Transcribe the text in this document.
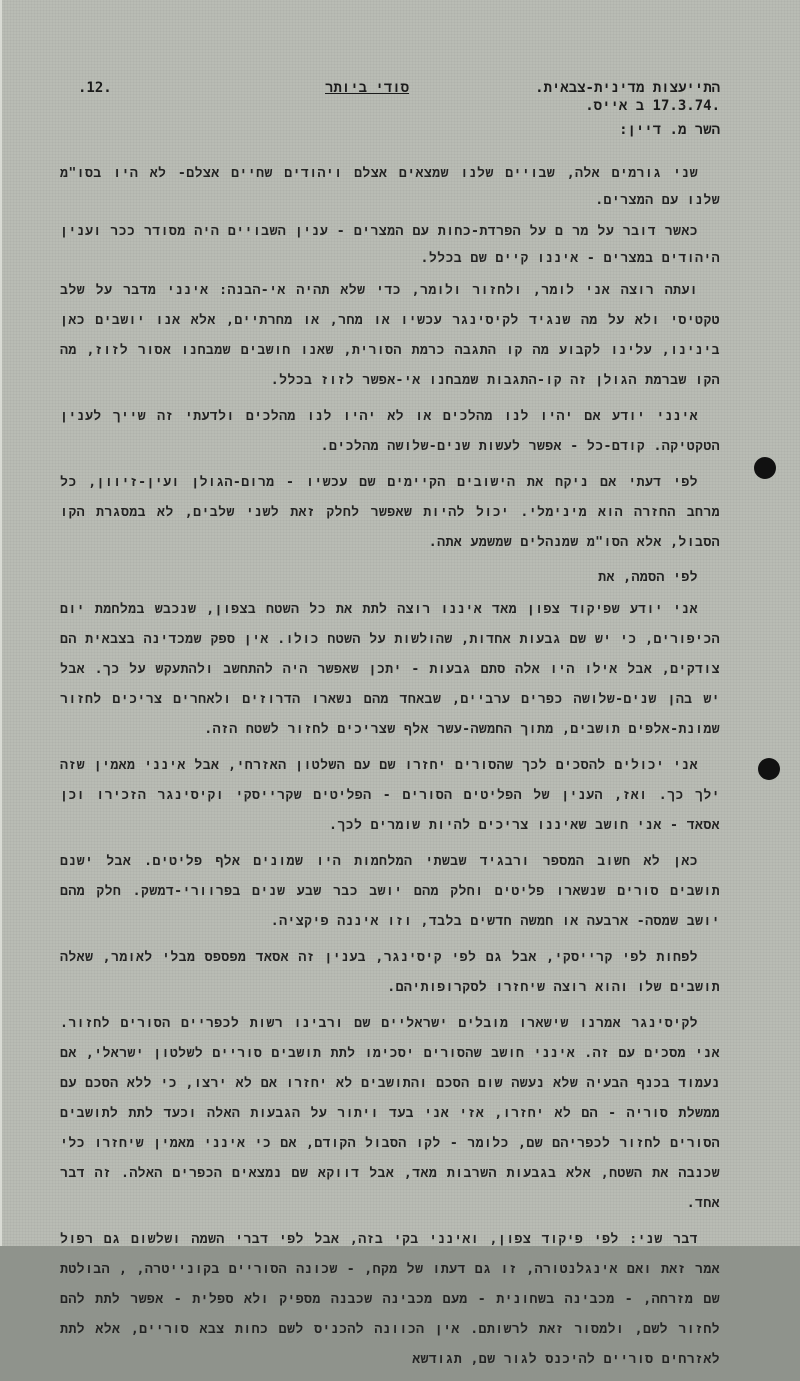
.12.	סודי ביותר	התייעצות מדינית-צבאית.
.17.3.74 ב אייס.
השר מ. דיין:

שני גורמים אלה, שבויים שלנו שמצאים אצלם ויהודים שחיים אצלם- לא היו בסו"מ שלנו עם המצרים.

כאשר דובר על מר ם על הפרדת-כחות עם המצרים - ענין השבויים היה מסודר ככר וענין היהודים במצרים - איננו קיים שם בכלל.

ועתה רוצה אני לומר, ולחזור ולומר, כדי שלא תהיה אי-הבנה: אינני מדבר על שלב טקטיסי ולא על מה שנגיד לקיסינגר עכשיו או מחר, או מחרתיים, אלא אנו יושבים כאן בינינו, עלינו לקבוע מה קו התגבה כרמת הסורית, שאנו חושבים שמבחנו אסור לזוז, מה הקו שברמת הגולן זה קו-התגבות שמבחנו אי-אפשר לזוז בכלל.

אינני יודע אם יהיו לנו מהלכים או לא יהיו לנו מהלכים ולדעתי זה שייך לענין הטקטיקה. קודם-כל - אפשר לעשות שנים-שלושה מהלכים.

לפי דעתי אם ניקח את הישובים הקיימים שם עכשיו - מרום-הגולן ועין-זיוון, כל מרחב החזרה הוא מינימלי. יכול להיות שאפשר לחלק זאת לשני שלבים, לא במסגרת הקו הסבול, אלא הסו"מ שמנהלים שמשמע אתה.

לפי הסמה, את

אני יודע שפיקוד צפון מאד איננו רוצה לתת את כל השטח בצפון, שנכבש במלחמת יום הכיפורים, כי יש שם גבעות אחדות, שהולשות על השטח כולו. אין ספק שמכדינה בצבאית הם צודקים, אבל אילו היו אלה סתם גבעות - יתכן שאפשר היה להתחשב ולהתעקש על כך. אבל יש בהן שנים-שלושה כפרים ערביים, שבאחד מהם נשארו הדרוזים ולאחרים צריכים לחזור שמונת-אלפים תושבים, מתוך החמשה-עשר אלף שצריכים לחזור לשטח הזה.

אני יכולים להסכים לכך שהסורים יחזרו שם עם השלטון האזרחי, אבל אינני מאמין שזה ילך כך. ואז, הענין של הפליטים הסורים - הפליטים שקרייסקי וקיסינגר הזכירו וכן אסאד - אני חושב שאיננו צריכים להיות שומרים לכך.

כאן לא חשוב המספר ורבגיד שבשתי המלחמות היו שמונים אלף פליטים. אבל ישנם תושבים סורים שנשארו פליטים וחלק מהם יושב כבר שבע שנים בפרוורי-דמשק. חלק מהם יושב שמסה- ארבעה או חמשה חדשים בלבד, וזו איננה פיקציה.

לפחות לפי קרייסקי, אבל גם לפי קיסינגר, בענין זה אסאד מפספס מבלי לאומר, שאלה תושבים שלו והוא רוצה שיחזרו לסקרופותיהם.

לקיסינגר אמרנו שישארו מובלים ישראליים שם ורבינו רשות לכפריים הסורים לחזור. אני מסכים עם זה. אינני חושב שהסורים יסכימו לתת תושבים סוריים לשלטון ישראלי, אם נעמוד בכנף הבעיה שלא נעשה שום הסכם והתושבים לא יחזרו אם לא ירצו, כי ללא הסכם עם ממשלת סוריה - הם לא יחזרו, אזי אני בעד ויתור על הגבעות האלה וכעד לתת לתושבים הסורים לחזור לכפריהם שם, כלומר - לקו הסבול הקודם, אם כי אינני מאמין שיחזרו כלי שכנבה את השטח, אלא בגבעות השרבות מאד, אבל דווקא שם נמצאים הכפרים האלה. זה דבר אחד.

דבר שני: לפי פיקוד צפון, ואינני בקי בזה, אבל לפי דברי השמה ושלשום גם רפול אמר זאת ואם אינגלנטורה, זו גם דעתו של מקח, - שכונה הסוריים בקונייטרה, , הבולטת שם מזרחה, - מכבינה בשחונית - מעם מכבינה שכבנה מספיק ולא ספלית - אפשר לתת להם לחזור לשם, ולמסור זאת לרשותם. אין הכוונה להכניס לשם כחות צבא סוריים, אלא לתת לאזרחים סוריים להיכנס לגור שם, תגודשא
